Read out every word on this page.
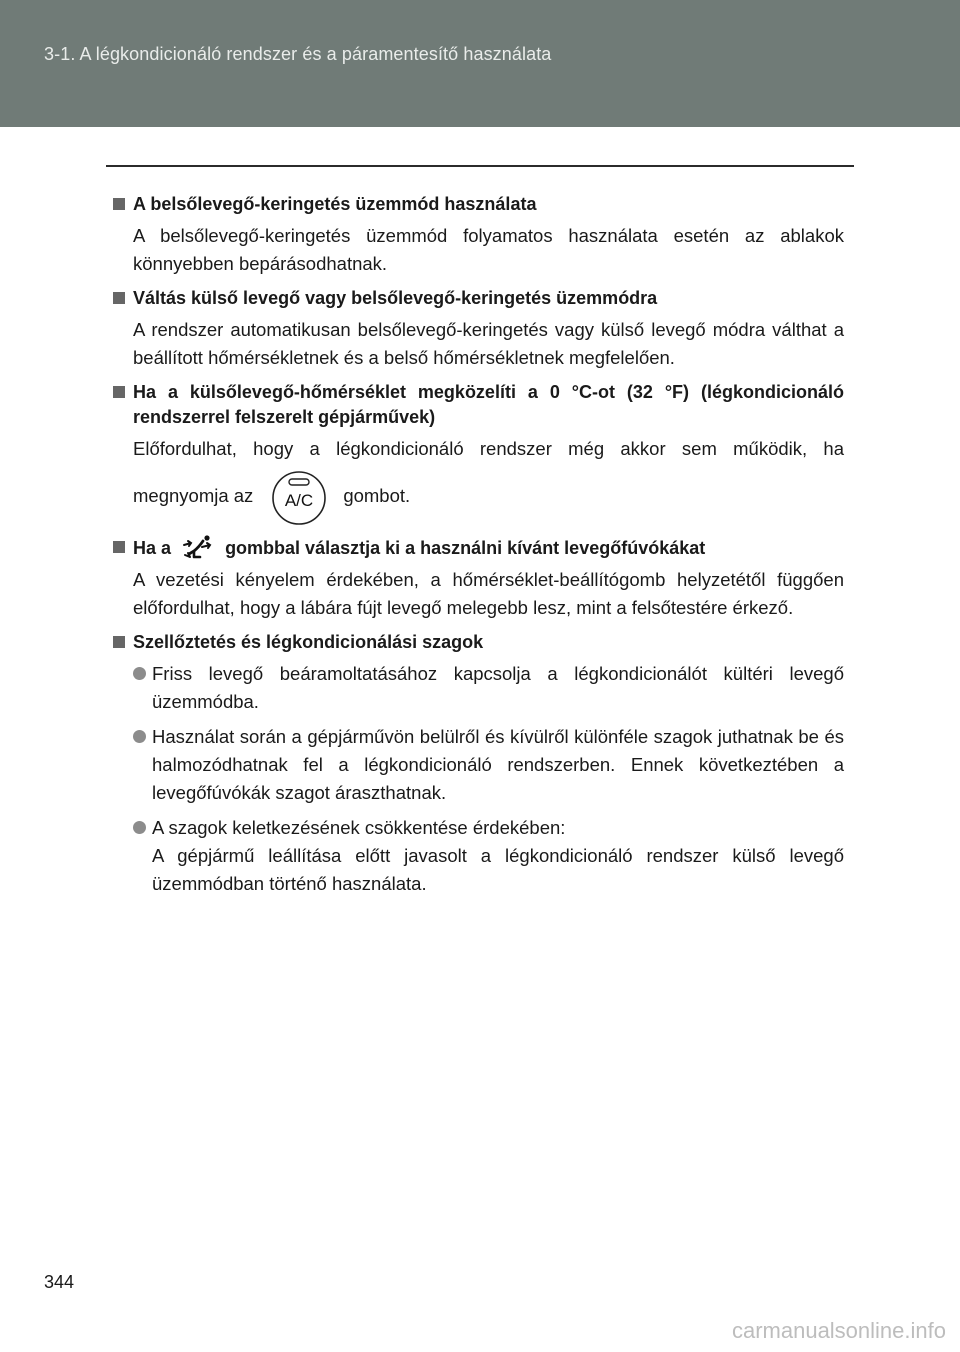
3-1. A légkondicionáló rendszer és a páramentesítő használata
A belsőlevegő-keringetés üzemmód használata
A belsőlevegő-keringetés üzemmód folyamatos használata esetén az ablakok könnyebben bepárásodhatnak.
Váltás külső levegő vagy belsőlevegő-keringetés üzemmódra
A rendszer automatikusan belsőlevegő-keringetés vagy külső levegő módra válthat a beállított hőmérsékletnek és a belső hőmérsékletnek megfelelően.
Ha a külsőlevegő-hőmérséklet megközelíti a 0 °C-ot (32 °F) (légkondicionáló rendszerrel felszerelt gépjárművek)
Előfordulhat, hogy a légkondicionáló rendszer még akkor sem működik, ha
megnyomja az A/C gombot.
Ha a	gombbal választja ki a használni kívánt levegőfúvókákat
A vezetési kényelem érdekében, a hőmérséklet-beállítógomb helyzetétől függően előfordulhat, hogy a lábára fújt levegő melegebb lesz, mint a felsőtestére érkező.
Szellőztetés és légkondicionálási szagok
Friss levegő beáramoltatásához kapcsolja a légkondicionálót kültéri levegő üzemmódba.
Használat során a gépjárművön belülről és kívülről különféle szagok juthatnak be és halmozódhatnak fel a légkondicionáló rendszerben. Ennek következtében a levegőfúvókák szagot áraszthatnak.
A szagok keletkezésének csökkentése érdekében:
A gépjármű leállítása előtt javasolt a légkondicionáló rendszer külső levegő üzemmódban történő használata.
344
carmanualsonline.info
